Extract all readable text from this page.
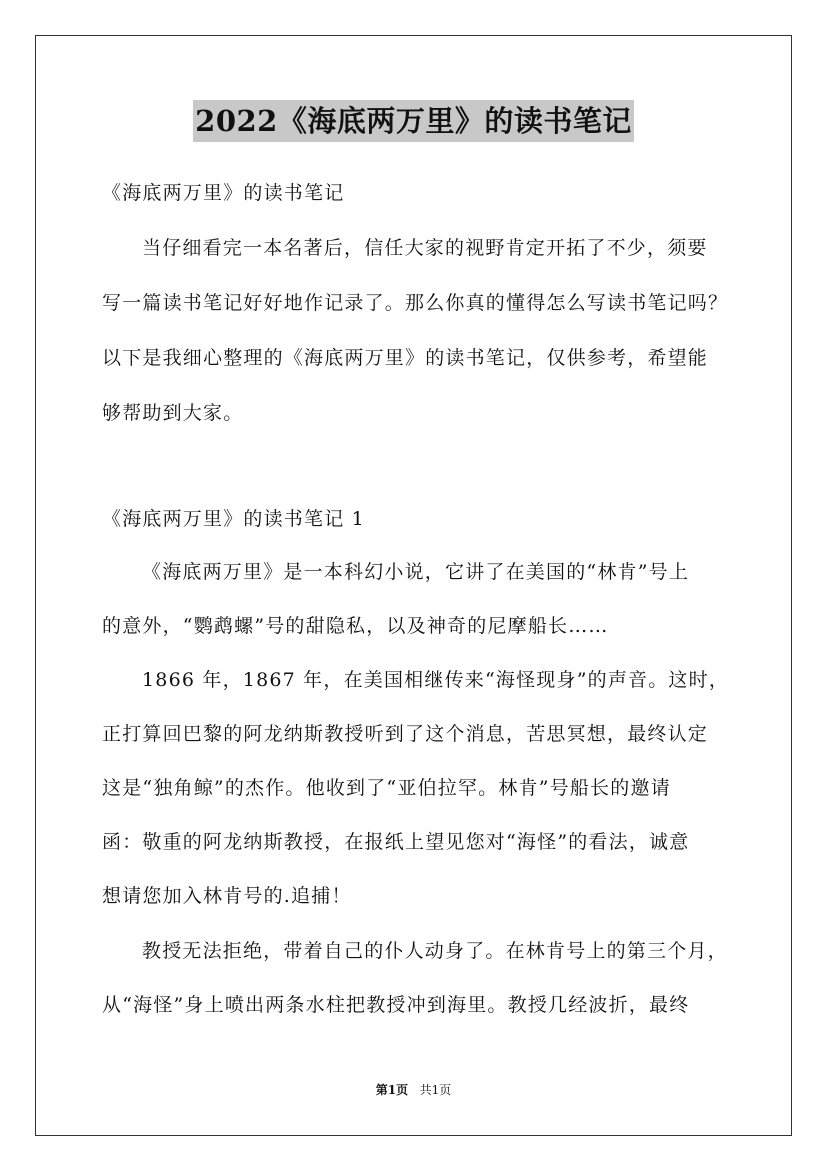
2022《海底两万里》的读书笔记
《海底两万里》的读书笔记
当仔细看完一本名著后，信任大家的视野肯定开拓了不少，须要
写一篇读书笔记好好地作记录了。那么你真的懂得怎么写读书笔记吗？
以下是我细心整理的《海底两万里》的读书笔记，仅供参考，希望能
够帮助到大家。
《海底两万里》的读书笔记 1
《海底两万里》是一本科幻小说，它讲了在美国的“林肯”号上
的意外，“鹦鹉螺”号的甜隐私，以及神奇的尼摩船长……
1866 年，1867 年，在美国相继传来“海怪现身”的声音。这时，
正打算回巴黎的阿龙纳斯教授听到了这个消息，苦思冥想，最终认定
这是“独角鲸”的杰作。他收到了“亚伯拉罕。林肯”号船长的邀请
函：敬重的阿龙纳斯教授，在报纸上望见您对“海怪”的看法，诚意
想请您加入林肯号的.追捕！
教授无法拒绝，带着自己的仆人动身了。在林肯号上的第三个月，
从“海怪”身上喷出两条水柱把教授冲到海里。教授几经波折，最终
第1页 共1页
